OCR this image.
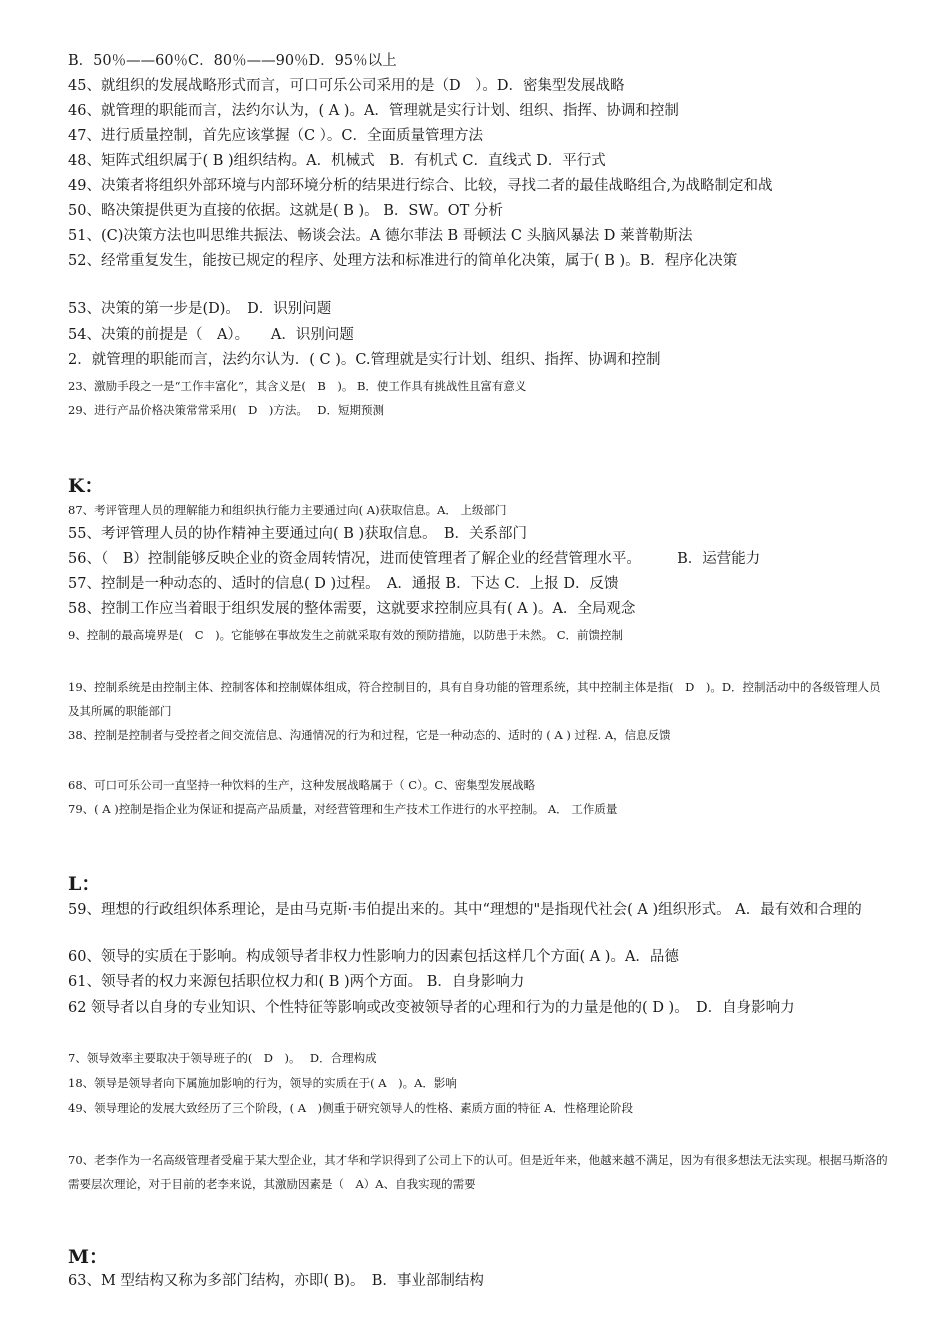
B．50％——60％C．80％——90％D．95％以上
45、就组织的发展战略形式而言，可口可乐公司采用的是（D　）。D．密集型发展战略
46、就管理的职能而言，法约尔认为，( A )。A．管理就是实行计划、组织、指挥、协调和控制
47、进行质量控制，首先应该掌握（C ）。C．全面质量管理方法
48、矩阵式组织属于( B )组织结构。A．机械式　B．有机式 C．直线式 D．平行式
49、决策者将组织外部环境与内部环境分析的结果进行综合、比较，寻找二者的最佳战略组合,为战略制定和战
50、略决策提供更为直接的依据。这就是( B )。 B．SW。OT 分析
51、(C)决策方法也叫思维共振法、畅谈会法。A 德尔菲法 B 哥顿法 C 头脑风暴法 D 莱普勒斯法
52、经常重复发生，能按已规定的程序、处理方法和标准进行的简单化决策，属于( B )。B．程序化决策
53、决策的第一步是(D)。　D．识别问题
54、决策的前提是（　A）。　　A．识别问题
2．就管理的职能而言，法约尔认为．( C )。C.管理就是实行计划、组织、指挥、协调和控制
23、激励手段之一是“工作丰富化”，其含义是(　B　)。 B．使工作具有挑战性且富有意义
29、进行产品价格决策常常采用(　D　)方法。　 D．短期预测
K：
87、考评管理人员的理解能力和组织执行能力主要通过向( A)获取信息。A． 上级部门
55、考评管理人员的协作精神主要通过向( B )获取信息。　B．关系部门
56、（　B）控制能够反映企业的资金周转情况，进而使管理者了解企业的经营管理水平。　　　B．运营能力
57、控制是一种动态的、适时的信息( D )过程。　A．通报 B．下达 C．上报 D．反馈
58、控制工作应当着眼于组织发展的整体需要，这就要求控制应具有( A )。A．全局观念
9、控制的最高境界是(　C　)。它能够在事故发生之前就采取有效的预防措施，以防患于未然。 C．前馈控制
19、控制系统是由控制主体、控制客体和控制媒体组成，符合控制目的，具有自身功能的管理系统，其中控制主体是指(　D　)。D．控制活动中的各级管理人员及其所属的职能部门
38、控制是控制者与受控者之间交流信息、沟通情况的行为和过程，它是一种动态的、适时的 ( A ) 过程. A，信息反馈
68、可口可乐公司一直坚持一种饮料的生产，这种发展战略属于（ C）。C、密集型发展战略
79、( A )控制是指企业为保证和提高产品质量，对经营管理和生产技术工作进行的水平控制。 A． 工作质量
L：
59、理想的行政组织体系理论，是由马克斯·韦伯提出来的。其中“理想的"是指现代社会( A )组织形式。 A．最有效和合理的
60、领导的实质在于影响。构成领导者非权力性影响力的因素包括这样几个方面( A )。A．品德
61、领导者的权力来源包括职位权力和( B )两个方面。 B．自身影响力
62 领导者以自身的专业知识、个性特征等影响或改变被领导者的心理和行为的力量是他的( D )。　D．自身影响力
7、领导效率主要取决于领导班子的(　D　)。　 D．合理构成
18、领导是领导者向下属施加影响的行为，领导的实质在于( A　)。A．影响
49、领导理论的发展大致经历了三个阶段，( A　)侧重于研究领导人的性格、素质方面的特征 A．性格理论阶段
70、老李作为一名高级管理者受雇于某大型企业，其才华和学识得到了公司上下的认可。但是近年来，他越来越不满足，因为有很多想法无法实现。根据马斯洛的需要层次理论，对于目前的老李来说，其激励因素是（　A）A、自我实现的需要
M：
63、M 型结构又称为多部门结构，亦即( B)。　B．事业部制结构
